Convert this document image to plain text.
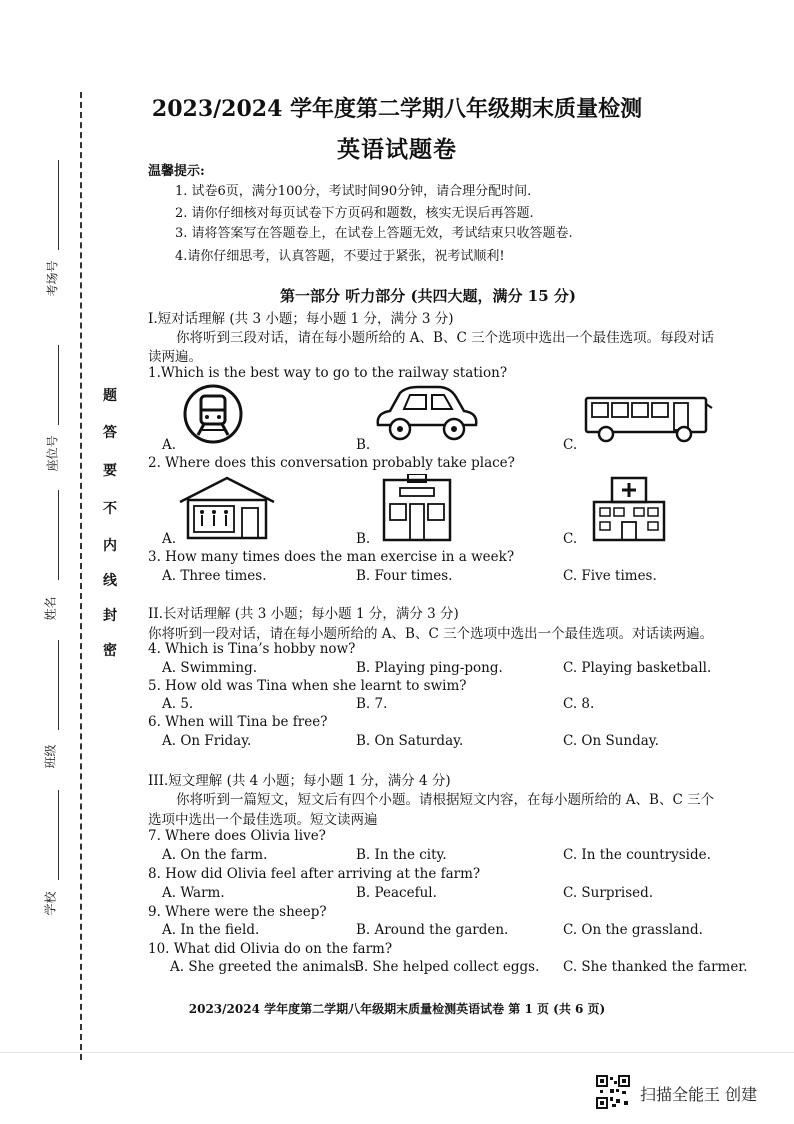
考场号
座位号
姓名
班级
学校
密
封
线
内
不
要
答
题
2023/2024 学年度第二学期八年级期末质量检测
英语试题卷
温馨提示:
1. 试卷6页，满分100分，考试时间90分钟，请合理分配时间.
2. 请你仔细核对每页试卷下方页码和题数，核实无误后再答题.
3. 请将答案写在答题卷上，在试卷上答题无效，考试结束只收答题卷.
4.请你仔细思考，认真答题，不要过于紧张，祝考试顺利!
第一部分 听力部分 (共四大题，满分 15 分)
I.短对话理解 (共 3 小题；每小题 1 分，满分 3 分)
你将听到三段对话，请在每小题所给的 A、B、C 三个选项中选出一个最佳选项。每段对话
读两遍。
1.Which is the best way to go to the railway station?
A.	B.	C.
2. Where does this conversation probably take place?
A.	B.	C.
3. How many times does the man exercise in a week?
A. Three times.	B. Four times.	C. Five times.
II.长对话理解 (共 3 小题；每小题 1 分，满分 3 分)
你将听到一段对话，请在每小题所给的 A、B、C 三个选项中选出一个最佳选项。对话读两遍。
4. Which is Tina’s hobby now?
A. Swimming.	B. Playing ping-pong.	C. Playing basketball.
5. How old was Tina when she learnt to swim?
A. 5.	B. 7.	C. 8.
6. When will Tina be free?
A. On Friday.	B. On Saturday.	C. On Sunday.
III.短文理解 (共 4 小题；每小题 1 分，满分 4 分)
你将听到一篇短文，短文后有四个小题。请根据短文内容，在每小题所给的 A、B、C 三个
选项中选出一个最佳选项。短文读两遍
7. Where does Olivia live?
A. On the farm.	B. In the city.	C. In the countryside.
8. How did Olivia feel after arriving at the farm?
A. Warm.	B. Peaceful.	C. Surprised.
9. Where were the sheep?
A. In the field.	B. Around the garden.	C. On the grassland.
10. What did Olivia do on the farm?
A. She greeted the animals.
B. She helped collect eggs. C. She thanked the farmer.
2023/2024 学年度第二学期八年级期末质量检测英语试卷 第 1 页 (共 6 页)
扫描全能王 创建
